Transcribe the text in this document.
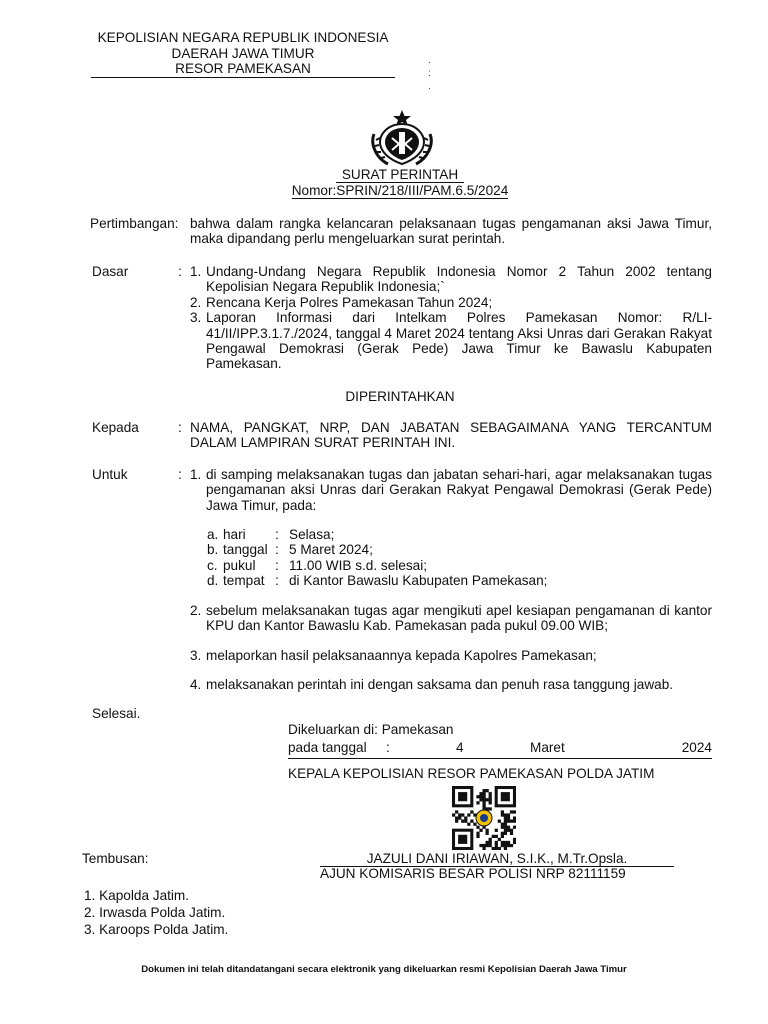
KEPOLISIAN NEGARA REPUBLIK INDONESIA
DAERAH JAWA TIMUR
RESOR PAMEKASAN
.
:
.
SURAT PERINTAH
Nomor:SPRIN/218/III/PAM.6.5/2024
Pertimbangan: bahwa dalam rangka kelancaran pelaksanaan tugas pengamanan aksi Jawa Timur, maka dipandang perlu mengeluarkan surat perintah.
Dasar	: 1. Undang-Undang Negara Republik Indonesia Nomor 2 Tahun 2002 tentang Kepolisian Negara Republik Indonesia;`
2. Rencana Kerja Polres Pamekasan Tahun 2024;
3. Laporan Informasi dari Intelkam Polres Pamekasan Nomor: R/LI-41/II/IPP.3.1.7./2024, tanggal 4 Maret 2024 tentang Aksi Unras dari Gerakan Rakyat Pengawal Demokrasi (Gerak Pede) Jawa Timur ke Bawaslu Kabupaten Pamekasan.
DIPERINTAHKAN
Kepada	: NAMA, PANGKAT, NRP, DAN JABATAN SEBAGAIMANA YANG TERCANTUM DALAM LAMPIRAN SURAT PERINTAH INI.
Untuk	: 1. di samping melaksanakan tugas dan jabatan sehari-hari, agar melaksanakan tugas pengamanan aksi Unras dari Gerakan Rakyat Pengawal Demokrasi (Gerak Pede) Jawa Timur, pada:
a. hari	: Selasa;
b. tanggal : 5 Maret 2024;
c. pukul	: 11.00 WIB s.d. selesai;
d. tempat : di Kantor Bawaslu Kabupaten Pamekasan;
2. sebelum melaksanakan tugas agar mengikuti apel kesiapan pengamanan di kantor KPU dan Kantor Bawaslu Kab. Pamekasan pada pukul 09.00 WIB;
3. melaporkan hasil pelaksanaannya kepada Kapolres Pamekasan;
4. melaksanakan perintah ini dengan saksama dan penuh rasa tanggung jawab.
Selesai.
Dikeluarkan di: Pamekasan
pada tanggal :	4	Maret	2024
KEPALA KEPOLISIAN RESOR PAMEKASAN POLDA JATIM
Tembusan:	JAZULI DANI IRIAWAN, S.I.K., M.Tr.Opsla.
AJUN KOMISARIS BESAR POLISI NRP 82111159
1. Kapolda Jatim.
2. Irwasda Polda Jatim.
3. Karoops Polda Jatim.
Dokumen ini telah ditandatangani secara elektronik yang dikeluarkan resmi Kepolisian Daerah Jawa Timur
